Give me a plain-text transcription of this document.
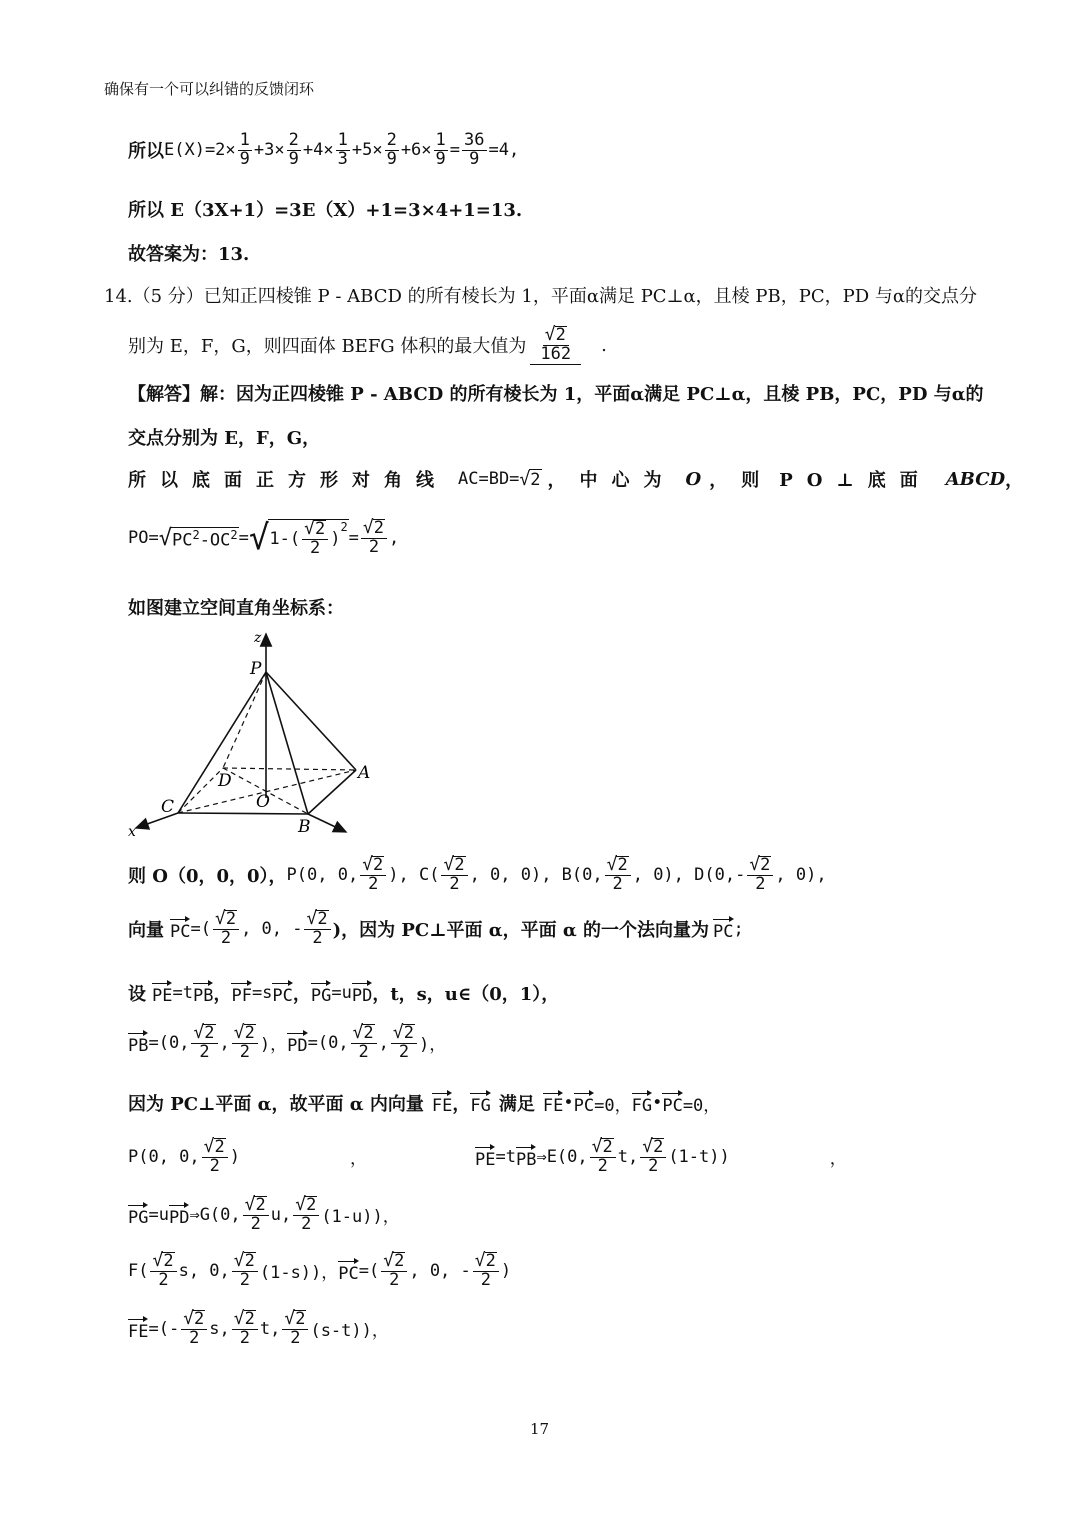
确保有一个可以纠错的反馈闭环
所以 $E(X)=2\times \frac{1}{9} +3\times \frac{2}{9} +4\times \frac{1}{3} +5\times \frac{2}{9} +6\times \frac{1}{9} = \frac{36}{9} =4$,
所以 E（3X+1）=3E（X）+1=3×4+1=13.
故答案为：13.
14.（5 分）已知正四棱锥 P - ABCD 的所有棱长为 1，平面α满足 PC⊥α，且棱 PB，PC，PD 与α的交点分
别为 E，F，G，则四面体 BEFG 体积的最大值为 $\frac{√ 2}{162}$ .
【解答】解：因为正四棱锥 P - ABCD 的所有棱长为 1，平面α满足 PC⊥α，且棱 PB，PC，PD 与α的
交点分别为 E，F，G，
所以底面正方形对角线 AC=BD= √ 2 ，中心为 O ，则 PO⊥底面 ABCD ，
PO= √ $PC^2-OC^2$ = √ $1-( \frac{√ 2}{2}$ )
$^2$
= $\frac{√ 2}{2}$ ,
如图建立空间直角坐标系：
z
P
A
D
O
C
B
x
则 O（0，0，0）， P(0, 0, $\frac{√ 2}{2}$ ), $C( \frac{√ 2}{2}$ , 0, 0), B(0, $\frac{√ 2}{2}$ , 0), D(0, - $\frac{√ 2}{2}$ , 0),
向量 PC =( $\frac{√ 2}{2}$ , 0, - $\frac{√ 2}{2}$ )，因为 PC⊥平面 α，平面 α 的一个法向量为 PC ;
设 PE =t PB ， PF =s PC ， PG =u PD ，t，s，u∈（0，1），
PB =(0, $\frac{√ 2}{2}$ , $\frac{√ 2}{2}$ )， PD =(0, $\frac{√ 2}{2}$ , $\frac{√ 2}{2}$ )，
因为 PC⊥平面 α，故平面 α 内向量 FE ， FG 满足 FE • PC =0， FG • PC =0，
P(0, 0, $\frac{√ 2}{2}$ )	，	PE =t PB ⇒E(0, $\frac{√ 2}{2} t$, $\frac{√ 2}{2} (1-t)$)	，
PG =u PD ⇒G(0, $\frac{√ 2}{2} u$, $\frac{√ 2}{2} (1-u)$)，
$F( \frac{√ 2}{2} s$, 0, $\frac{√ 2}{2} (1-s)$)， PC =( $\frac{√ 2}{2}$ , 0, - $\frac{√ 2}{2}$ )
FE =(- $\frac{√ 2}{2} s$, $\frac{√ 2}{2} t$, $\frac{√ 2}{2} (s-t)$)，
17
